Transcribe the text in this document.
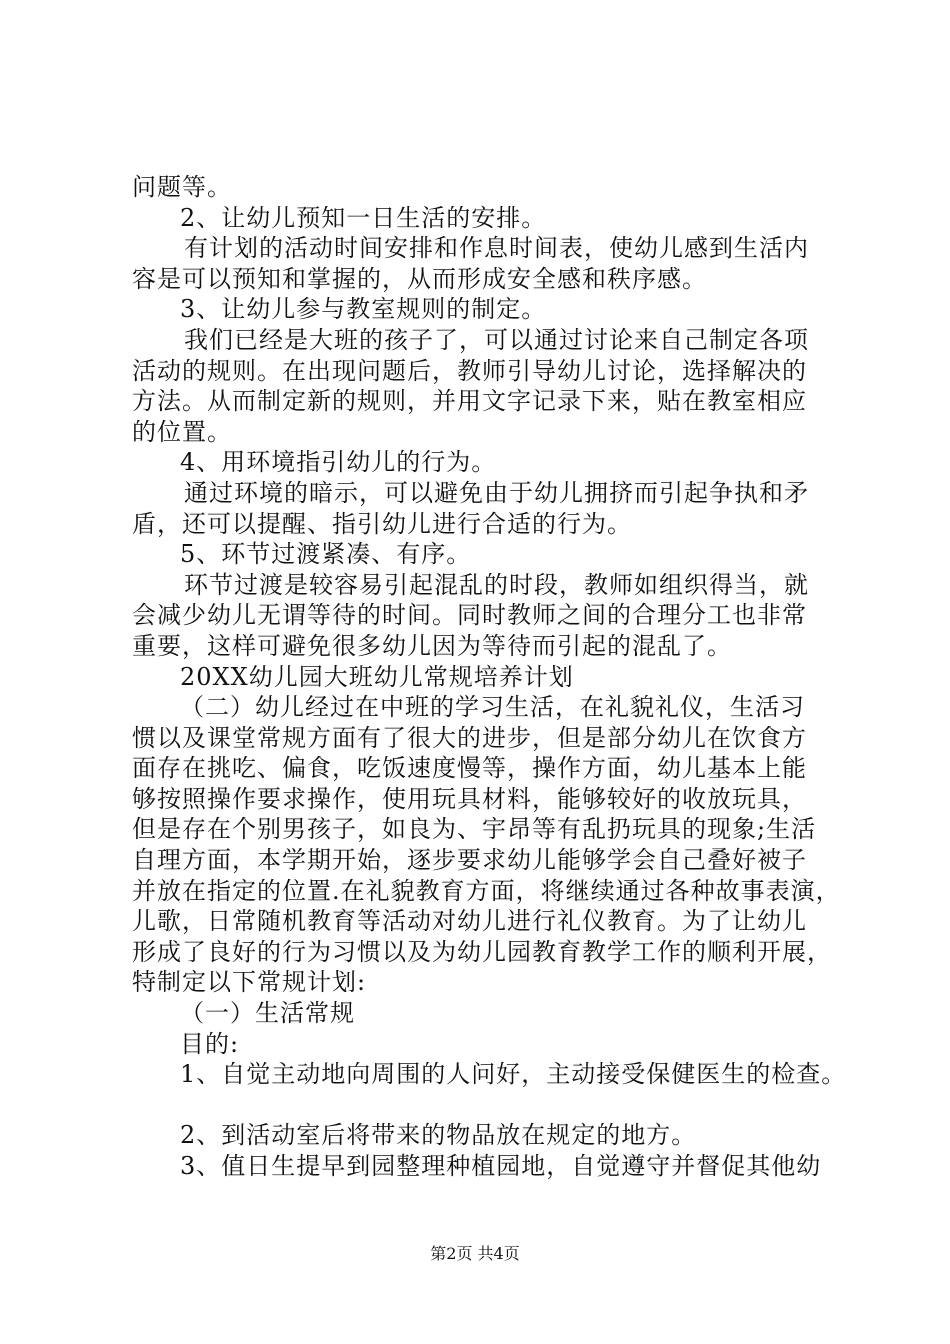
问题等。
2、让幼儿预知一日生活的安排。
有计划的活动时间安排和作息时间表，使幼儿感到生活内
容是可以预知和掌握的，从而形成安全感和秩序感。
3、让幼儿参与教室规则的制定。
我们已经是大班的孩子了，可以通过讨论来自己制定各项
活动的规则。在出现问题后，教师引导幼儿讨论，选择解决的
方法。从而制定新的规则，并用文字记录下来，贴在教室相应
的位置。
4、用环境指引幼儿的行为。
通过环境的暗示，可以避免由于幼儿拥挤而引起争执和矛
盾，还可以提醒、指引幼儿进行合适的行为。
5、环节过渡紧凑、有序。
环节过渡是较容易引起混乱的时段，教师如组织得当，就
会减少幼儿无谓等待的时间。同时教师之间的合理分工也非常
重要，这样可避免很多幼儿因为等待而引起的混乱了。
20XX幼儿园大班幼儿常规培养计划
（二）幼儿经过在中班的学习生活，在礼貌礼仪，生活习
惯以及课堂常规方面有了很大的进步，但是部分幼儿在饮食方
面存在挑吃、偏食，吃饭速度慢等，操作方面，幼儿基本上能
够按照操作要求操作，使用玩具材料，能够较好的收放玩具，
但是存在个别男孩子，如良为、宇昂等有乱扔玩具的现象;生活
自理方面，本学期开始，逐步要求幼儿能够学会自己叠好被子
并放在指定的位置.在礼貌教育方面，将继续通过各种故事表演，
儿歌，日常随机教育等活动对幼儿进行礼仪教育。为了让幼儿
形成了良好的行为习惯以及为幼儿园教育教学工作的顺利开展，
特制定以下常规计划:
（一）生活常规
目的:
1、自觉主动地向周围的人问好，主动接受保健医生的检查。
2、到活动室后将带来的物品放在规定的地方。
3、值日生提早到园整理种植园地，自觉遵守并督促其他幼
第2页 共4页
